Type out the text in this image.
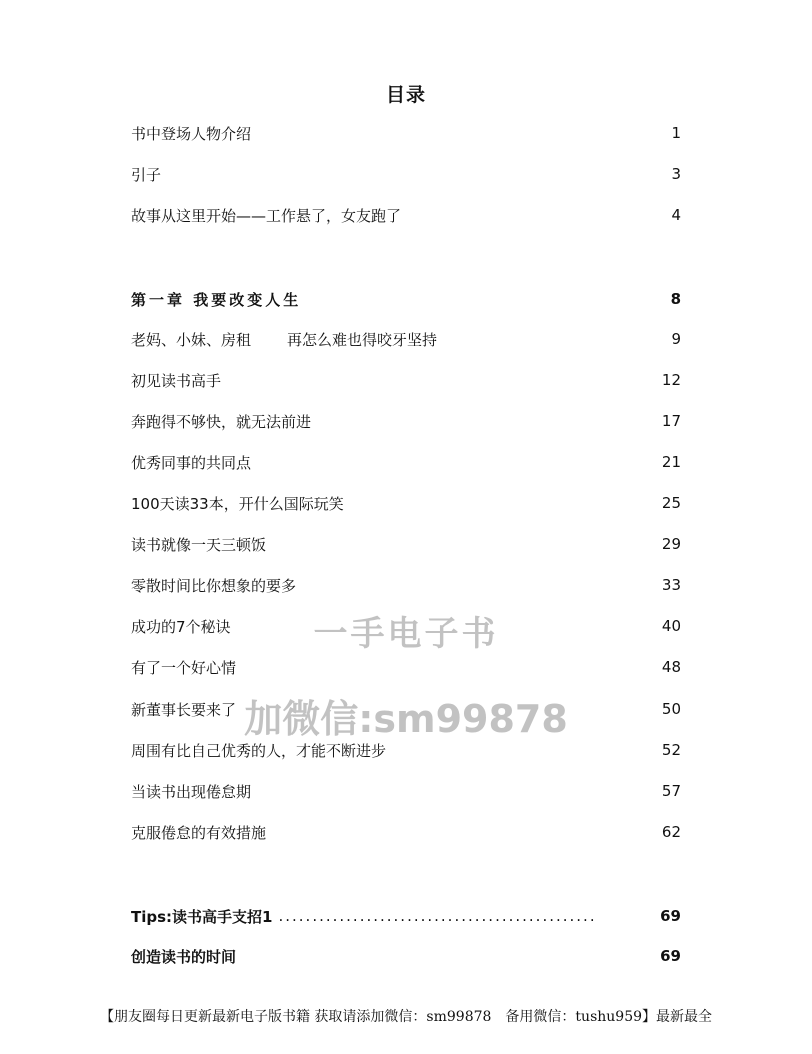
目录
书中登场人物介绍	1
引子	3
故事从这里开始——工作悬了，女友跑了	4
第一章 我要改变人生	8
老妈、小妹、房租 再怎么难也得咬牙坚持	9
初见读书高手	12
奔跑得不够快，就无法前进	17
优秀同事的共同点	21
100天读33本，开什么国际玩笑	25
读书就像一天三顿饭	29
零散时间比你想象的要多	33
成功的7个秘诀	40
有了一个好心情	48
新董事长要来了	50
周围有比自己优秀的人，才能不断进步	52
当读书出现倦怠期	57
克服倦怠的有效措施	62
Tips:读书高手支招1 ...............................................	69
创造读书的时间	69
一手电子书
加微信:sm99878
【朋友圈每日更新最新电子版书籍 获取请添加微信：sm99878　备用微信：tushu959】最新最全
